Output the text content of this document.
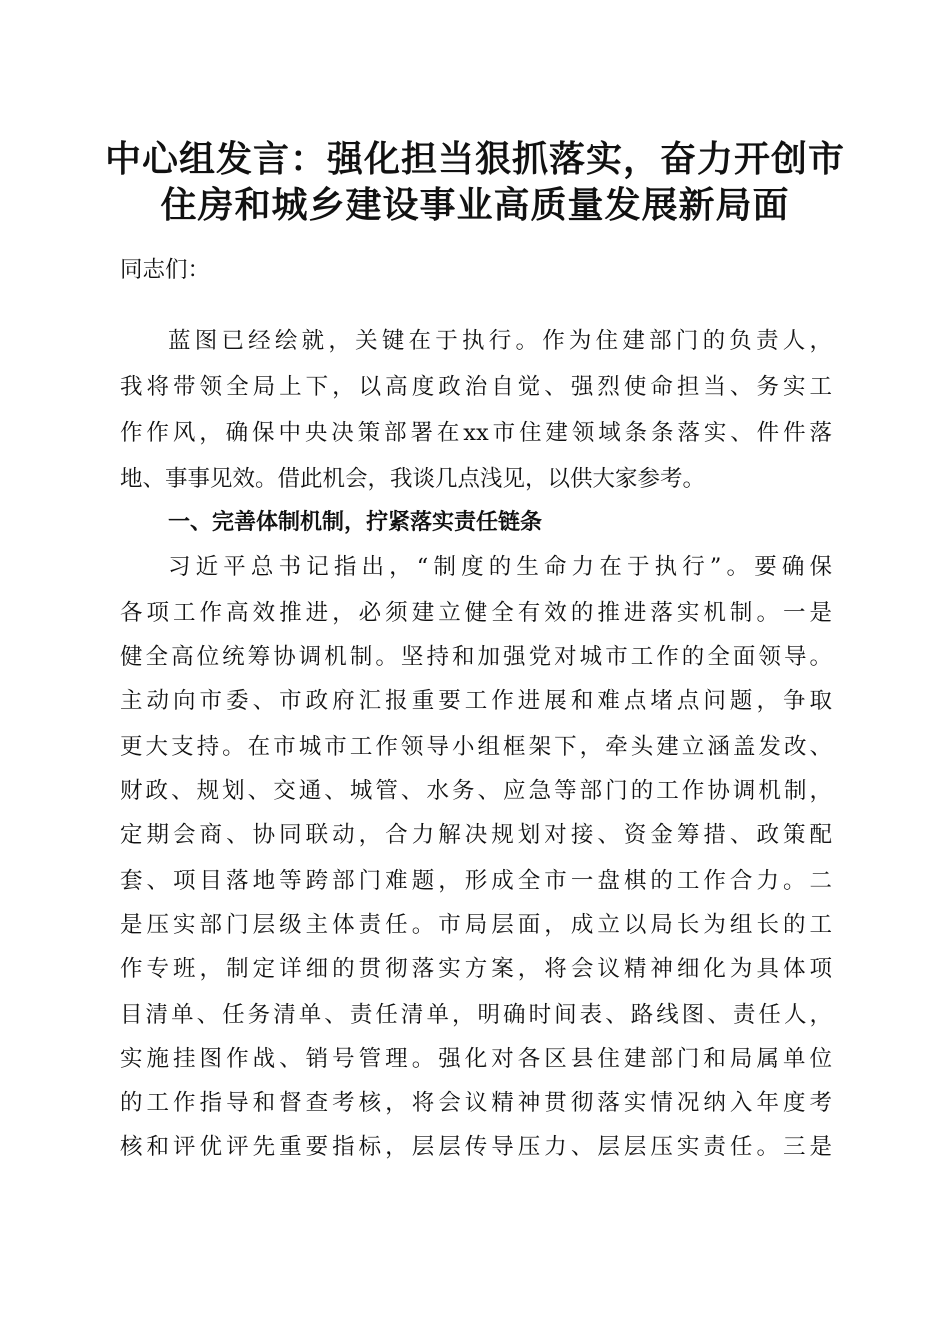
中心组发言：强化担当狠抓落实，奋力开创市
住房和城乡建设事业高质量发展新局面
同志们：
蓝图已经绘就，关键在于执行。作为住建部门的负责人，
我将带领全局上下，以高度政治自觉、强烈使命担当、务实工
作作风，确保中央决策部署在xx市住建领域条条落实、件件落
地、事事见效。借此机会，我谈几点浅见，以供大家参考。
一、完善体制机制，拧紧落实责任链条
习近平总书记指出，“制度的生命力在于执行”。要确保
各项工作高效推进，必须建立健全有效的推进落实机制。一是
健全高位统筹协调机制。坚持和加强党对城市工作的全面领导。
主动向市委、市政府汇报重要工作进展和难点堵点问题，争取
更大支持。在市城市工作领导小组框架下，牵头建立涵盖发改、
财政、规划、交通、城管、水务、应急等部门的工作协调机制，
定期会商、协同联动，合力解决规划对接、资金筹措、政策配
套、项目落地等跨部门难题，形成全市一盘棋的工作合力。二
是压实部门层级主体责任。市局层面，成立以局长为组长的工
作专班，制定详细的贯彻落实方案，将会议精神细化为具体项
目清单、任务清单、责任清单，明确时间表、路线图、责任人，
实施挂图作战、销号管理。强化对各区县住建部门和局属单位
的工作指导和督查考核，将会议精神贯彻落实情况纳入年度考
核和评优评先重要指标，层层传导压力、层层压实责任。三是
